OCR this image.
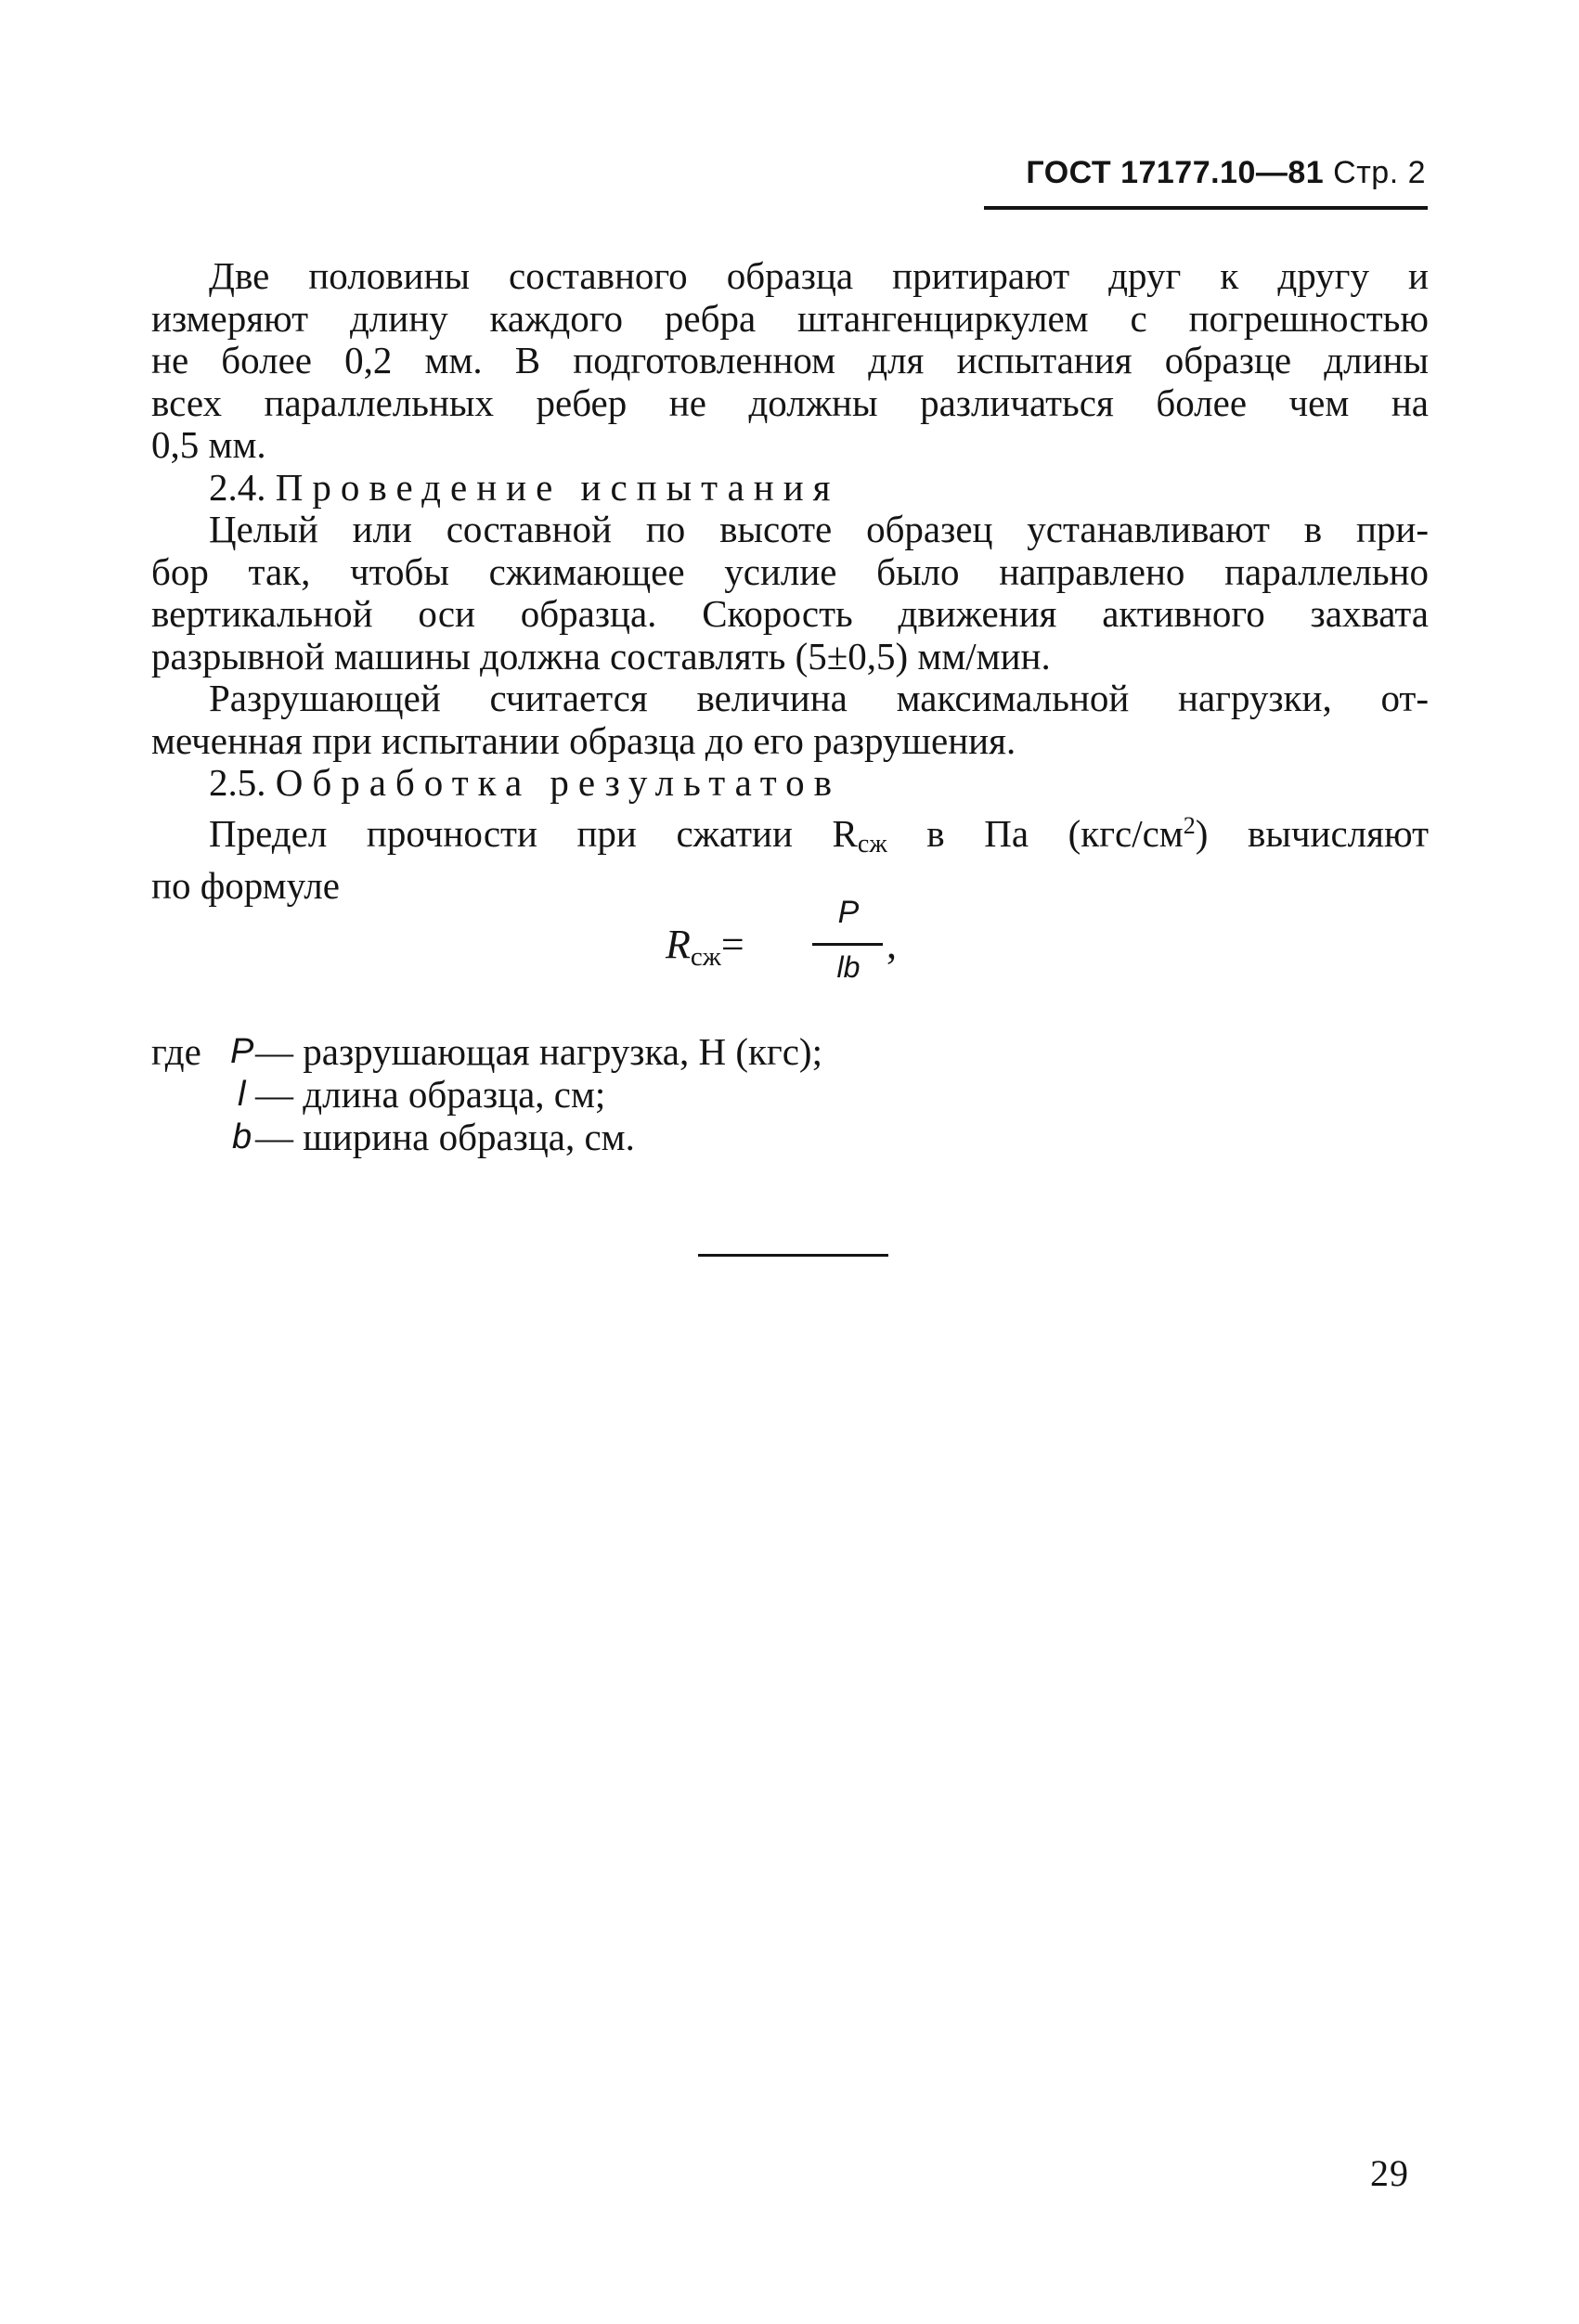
ГОСТ 17177.10—81 Стр. 2

Две половины составного образца притирают друг к другу и

измеряют длину каждого ребра штангенциркулем с погрешностью

не более 0,2 мм. В подготовленном для испытания образце длины

всех параллельных ребер не должны различаться более чем на

0,5 мм.

2.4. Проведение испытания

Целый или составной по высоте образец устанавливают в при-

бор так, чтобы сжимающее усилие было направлено параллельно

вертикальной оси образца. Скорость движения активного захвата

разрывной машины должна составлять (5±0,5) мм/мин.

Разрушающей считается величина максимальной нагрузки, от-

меченная при испытании образца до его разрушения.

2.5. Обработка результатов

Предел прочности при сжатии Rсж в Па $(кгс/см^2)$ вычисляют

по формуле

$R_{сж}=$
P
lb ,
где P — разрушающая нагрузка, Н (кгс);
l — длина образца, см;
b — ширина образца, см.
29
